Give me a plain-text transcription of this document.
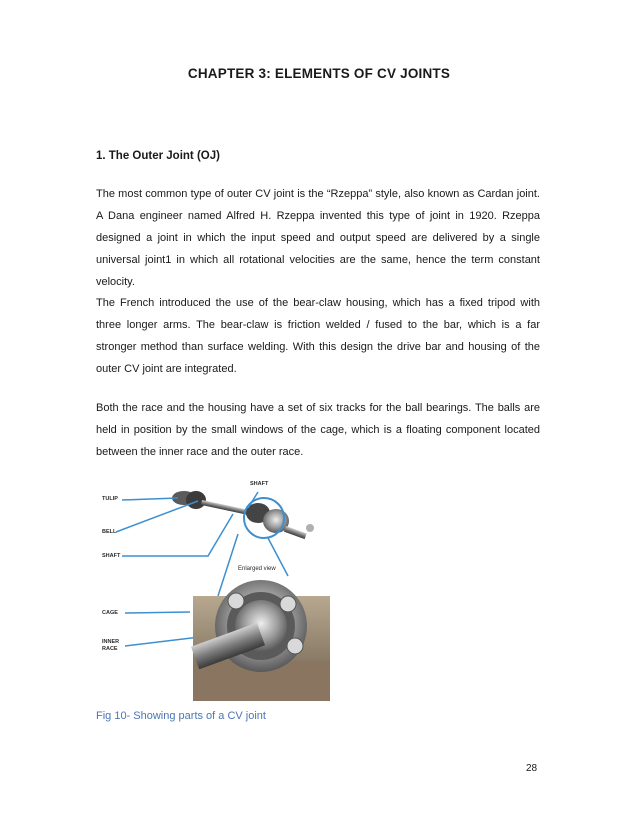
CHAPTER 3: ELEMENTS OF CV JOINTS
1. The Outer Joint (OJ)

The most common type of outer CV joint is the “Rzeppa” style, also known as Cardan joint. A Dana engineer named Alfred H. Rzeppa invented this type of joint in 1920. Rzeppa designed a joint in which the input speed and output speed are delivered by a single universal joint1 in which all rotational velocities are the same, hence the term constant velocity.

The French introduced the use of the bear-claw housing, which has a fixed tripod with three longer arms. The bear-claw is friction welded / fused to the bar, which is a far stronger method than surface welding. With this design the drive bar and housing of the outer CV joint are integrated.

Both the race and the housing have a set of six tracks for the ball bearings. The balls are held in position by the small windows of the cage, which is a floating component located between the inner race and the outer race.

TULIP
BELL
SHAFT
SHAFT
Enlarged view
CAGE
INNER
RACE
Fig 10- Showing parts of a CV joint
28
